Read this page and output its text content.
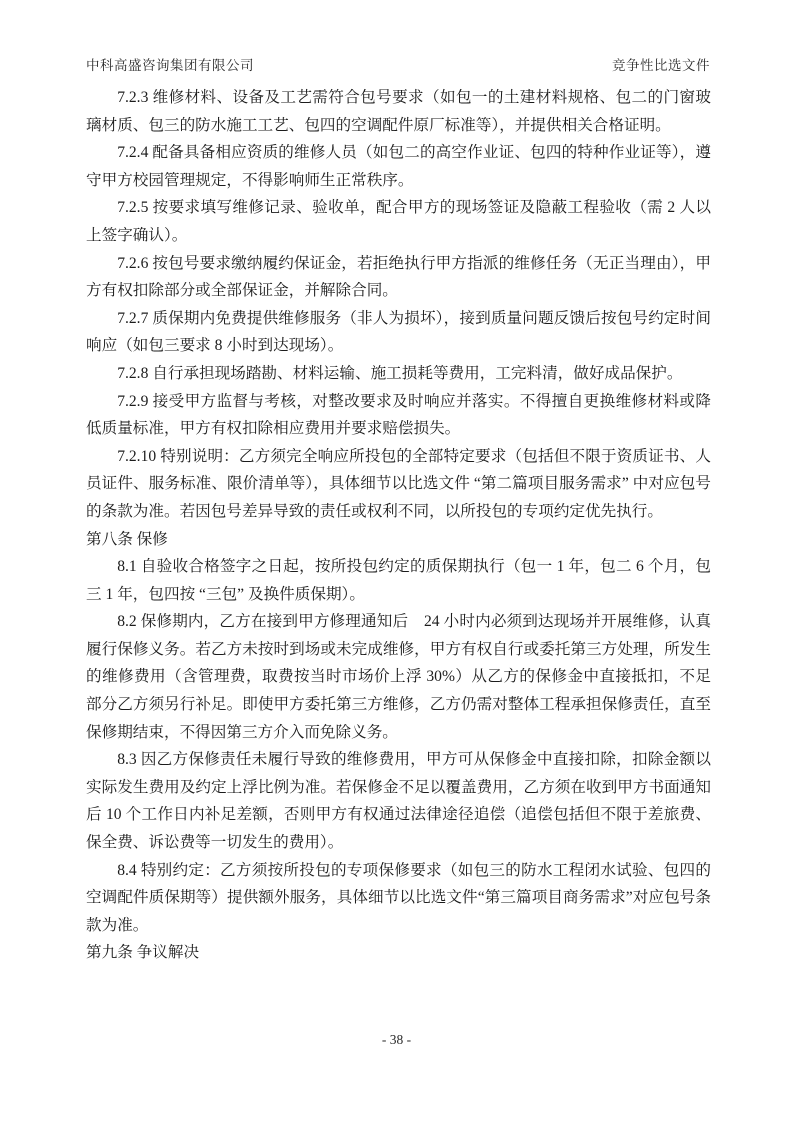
中科高盛咨询集团有限公司	竞争性比选文件

7.2.3 维修材料、设备及工艺需符合包号要求（如包一的土建材料规格、包二的门窗玻璃材质、包三的防水施工工艺、包四的空调配件原厂标准等），并提供相关合格证明。

7.2.4 配备具备相应资质的维修人员（如包二的高空作业证、包四的特种作业证等），遵守甲方校园管理规定，不得影响师生正常秩序。

7.2.5 按要求填写维修记录、验收单，配合甲方的现场签证及隐蔽工程验收（需 2 人以上签字确认）。

7.2.6 按包号要求缴纳履约保证金，若拒绝执行甲方指派的维修任务（无正当理由），甲方有权扣除部分或全部保证金，并解除合同。

7.2.7 质保期内免费提供维修服务（非人为损坏），接到质量问题反馈后按包号约定时间响应（如包三要求 8 小时到达现场）。

7.2.8 自行承担现场踏勘、材料运输、施工损耗等费用，工完料清，做好成品保护。

7.2.9 接受甲方监督与考核，对整改要求及时响应并落实。不得擅自更换维修材料或降低质量标准，甲方有权扣除相应费用并要求赔偿损失。

7.2.10 特别说明：乙方须完全响应所投包的全部特定要求（包括但不限于资质证书、人员证件、服务标准、限价清单等），具体细节以比选文件 “第二篇项目服务需求” 中对应包号的条款为准。若因包号差异导致的责任或权利不同，以所投包的专项约定优先执行。

第八条 保修

8.1 自验收合格签字之日起，按所投包约定的质保期执行（包一 1 年，包二 6 个月，包三 1 年，包四按 “三包” 及换件质保期）。

8.2 保修期内，乙方在接到甲方修理通知后　24 小时内必须到达现场并开展维修，认真履行保修义务。若乙方未按时到场或未完成维修，甲方有权自行或委托第三方处理，所发生的维修费用（含管理费，取费按当时市场价上浮 30%）从乙方的保修金中直接抵扣，不足部分乙方须另行补足。即使甲方委托第三方维修，乙方仍需对整体工程承担保修责任，直至保修期结束，不得因第三方介入而免除义务。

8.3 因乙方保修责任未履行导致的维修费用，甲方可从保修金中直接扣除，扣除金额以实际发生费用及约定上浮比例为准。若保修金不足以覆盖费用，乙方须在收到甲方书面通知后 10 个工作日内补足差额，否则甲方有权通过法律途径追偿（追偿包括但不限于差旅费、保全费、诉讼费等一切发生的费用）。

8.4 特别约定：乙方须按所投包的专项保修要求（如包三的防水工程闭水试验、包四的空调配件质保期等）提供额外服务，具体细节以比选文件“第三篇项目商务需求”对应包号条款为准。

第九条 争议解决

- 38 -
